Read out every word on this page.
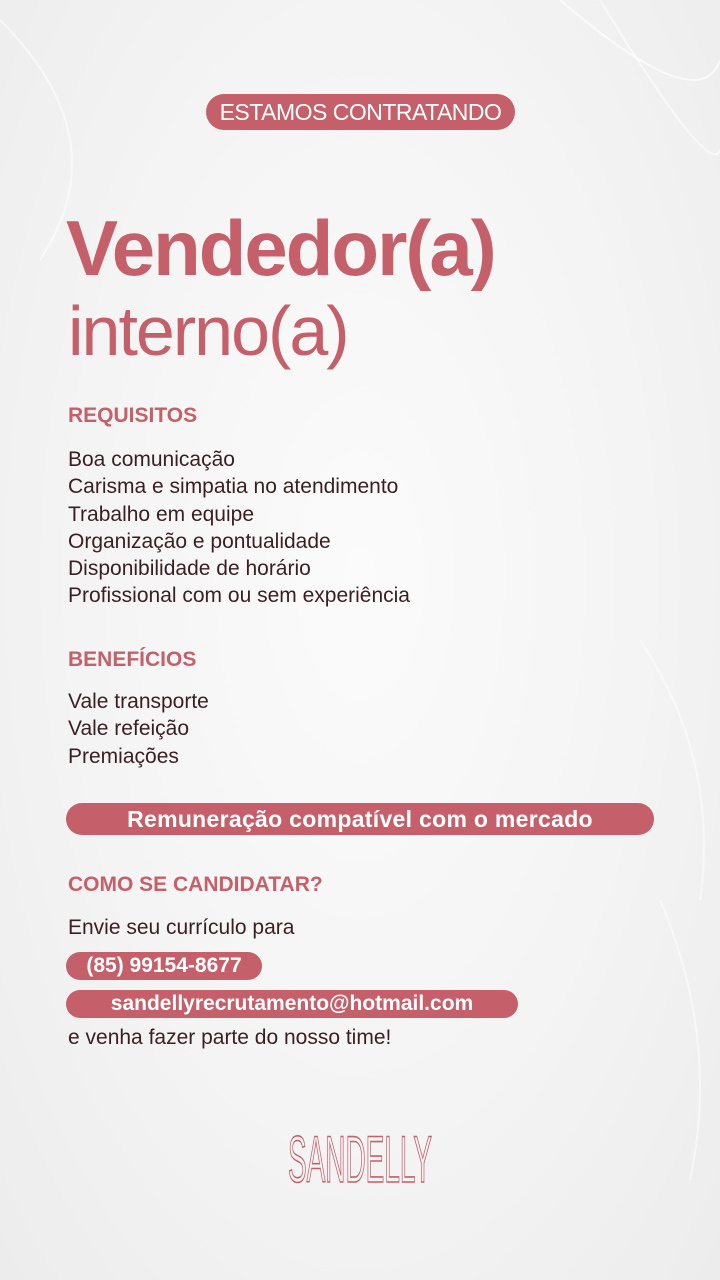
ESTAMOS CONTRATANDO
Vendedor(a)
interno(a)
REQUISITOS
Boa comunicação
Carisma e simpatia no atendimento
Trabalho em equipe
Organização e pontualidade
Disponibilidade de horário
Profissional com ou sem experiência
BENEFÍCIOS
Vale transporte
Vale refeição
Premiações
Remuneração compatível com o mercado
COMO SE CANDIDATAR?
Envie seu currículo para
(85) 99154-8677
sandellyrecrutamento@hotmail.com
e venha fazer parte do nosso time!
SANDELLY
